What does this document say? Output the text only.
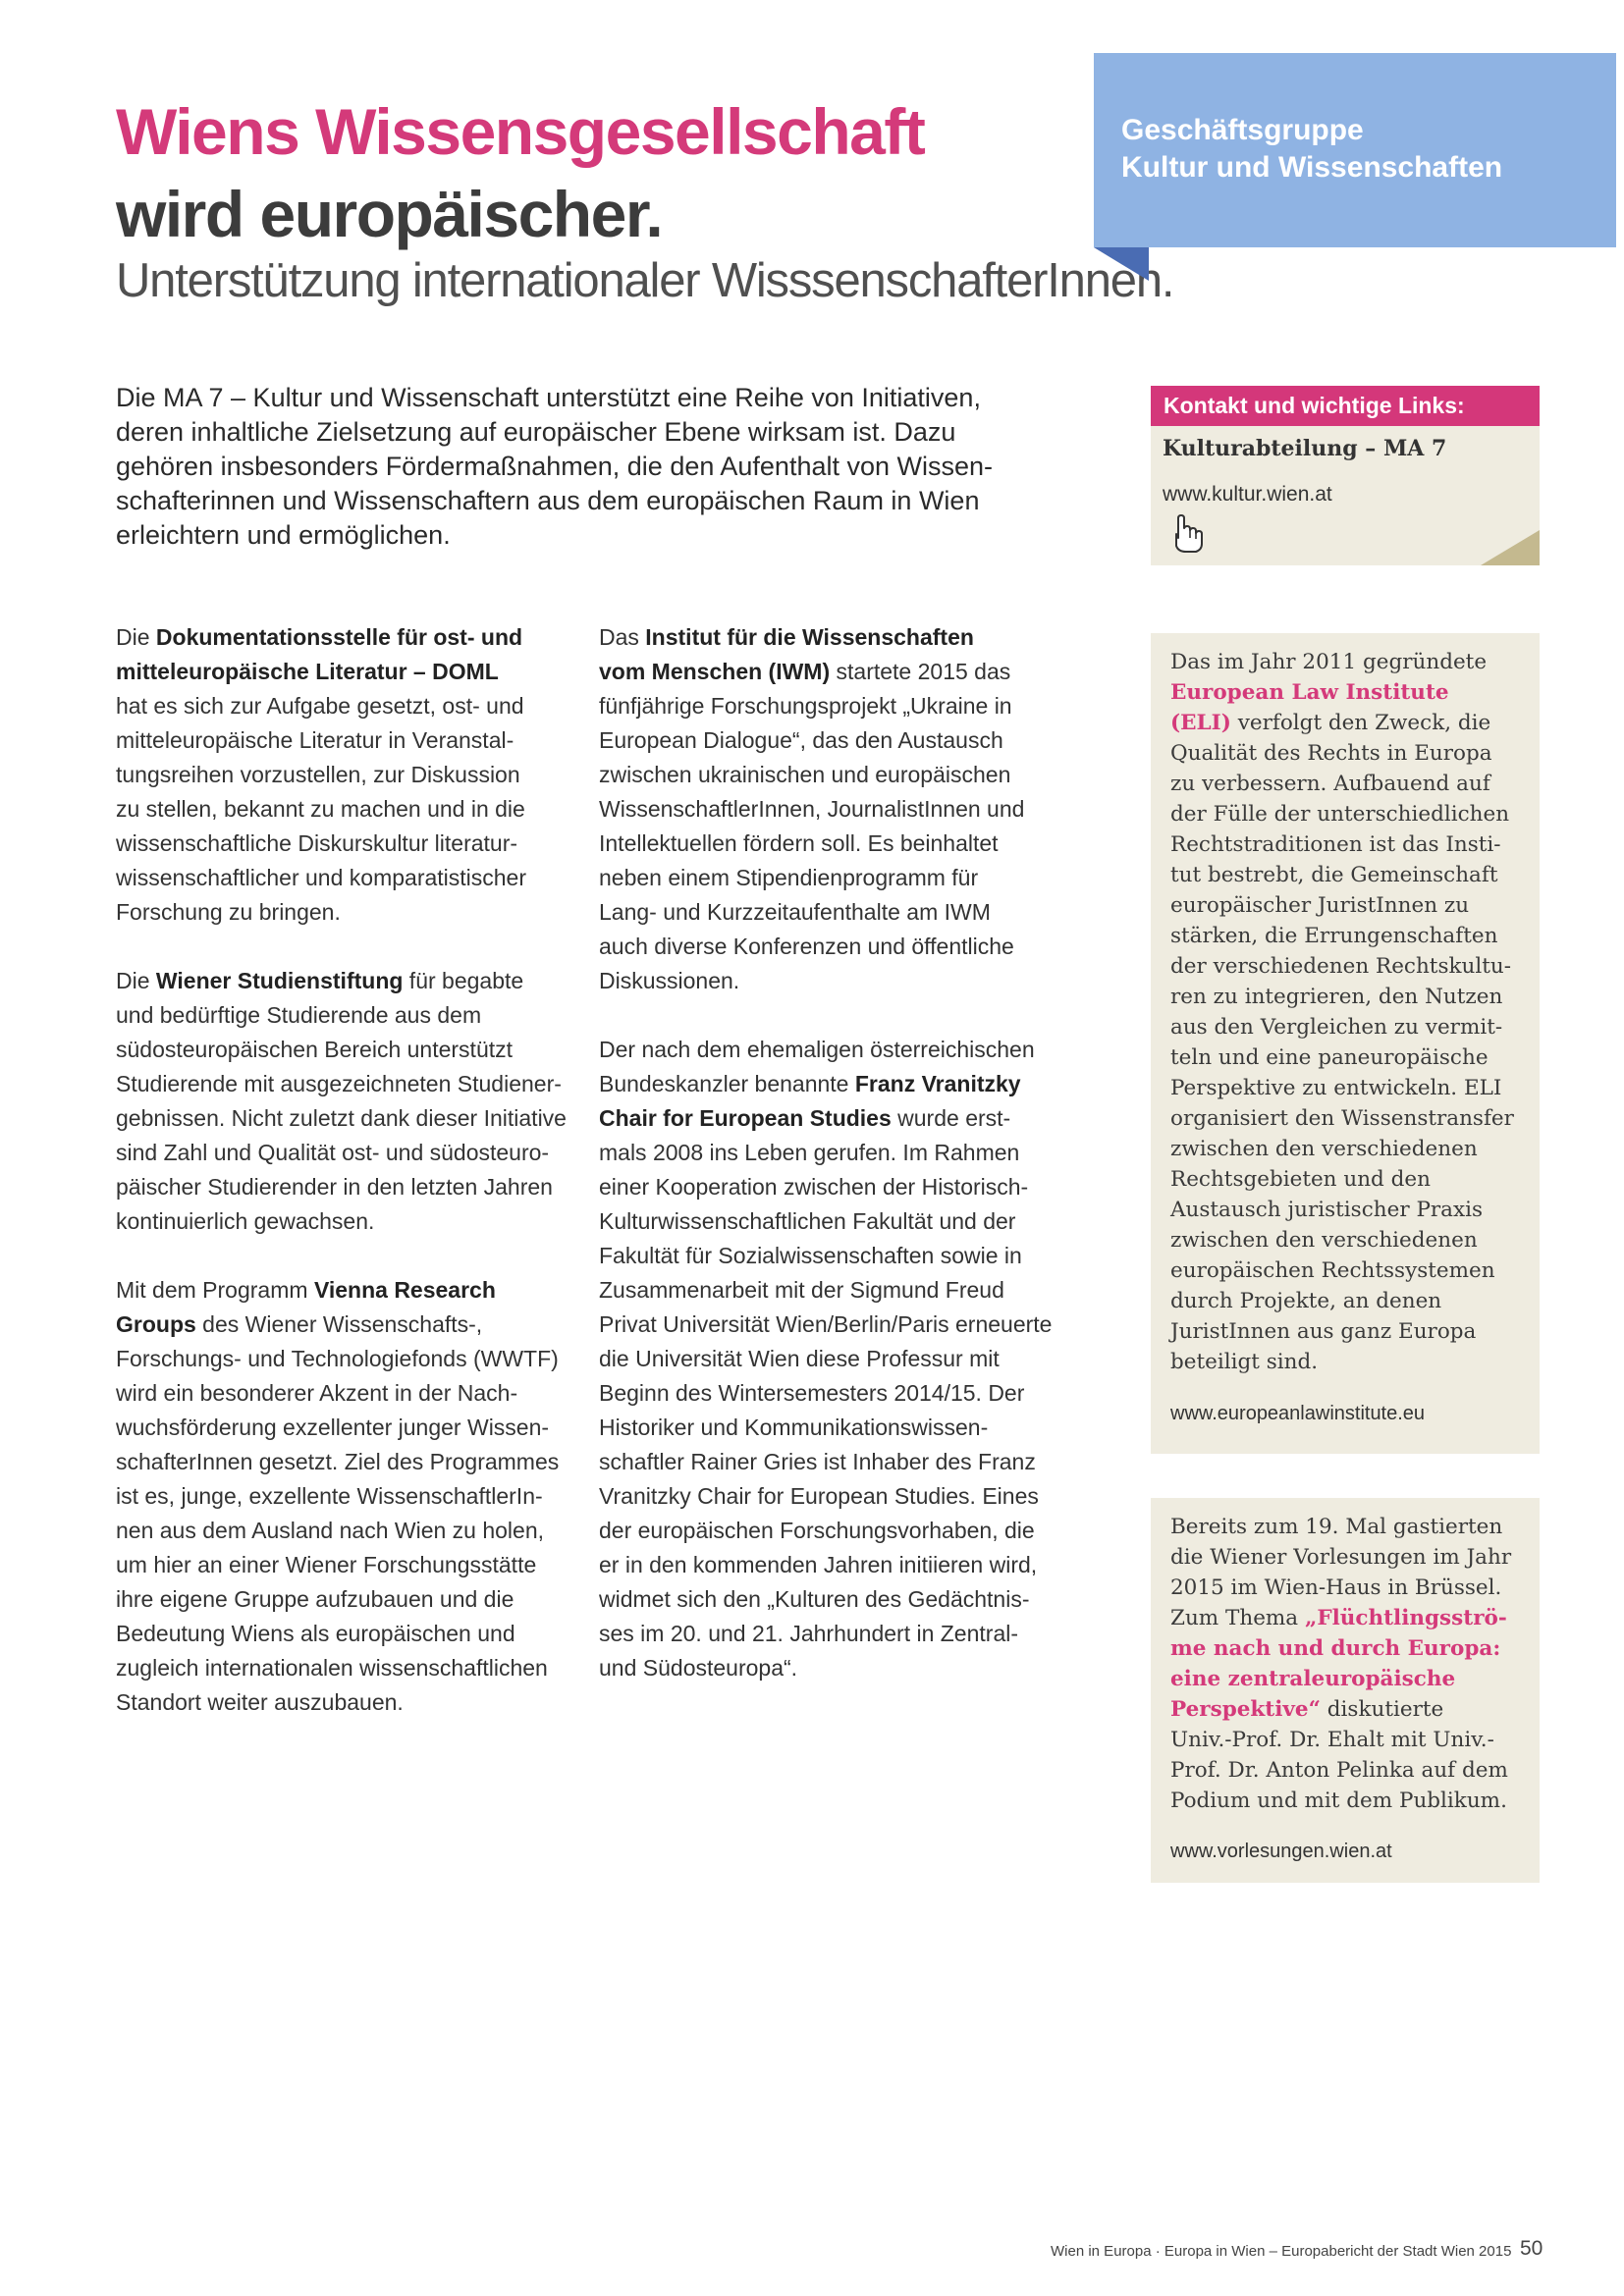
Wiens Wissensgesellschaft
wird europäischer.
Unterstützung internationaler WisssenschafterInnen.
Geschäftsgruppe
Kultur und Wissenschaften
Die MA 7 – Kultur und Wissenschaft unterstützt eine Reihe von Initiativen,
deren inhaltliche Zielsetzung auf europäischer Ebene wirksam ist. Dazu
gehören insbesonders Fördermaßnahmen, die den Aufenthalt von Wissen-
schafterinnen und Wissenschaftern aus dem europäischen Raum in Wien
erleichtern und ermöglichen.
Die Dokumentationsstelle für ost- und
mitteleuropäische Literatur – DOML
hat es sich zur Aufgabe gesetzt, ost- und
mitteleuropäische Literatur in Veranstal-
tungsreihen vorzustellen, zur Diskussion
zu stellen, bekannt zu machen und in die
wissenschaftliche Diskurskultur literatur-
wissenschaftlicher und komparatistischer
Forschung zu bringen.
Die Wiener Studienstiftung für begabte
und bedürftige Studierende aus dem
südosteuropäischen Bereich unterstützt
Studierende mit ausgezeichneten Studiener-
gebnissen. Nicht zuletzt dank dieser Initiative
sind Zahl und Qualität ost- und südosteuro-
päischer Studierender in den letzten Jahren
kontinuierlich gewachsen.
Mit dem Programm Vienna Research
Groups des Wiener Wissenschafts-,
Forschungs- und Technologiefonds (WWTF)
wird ein besonderer Akzent in der Nach-
wuchsförderung exzellenter junger Wissen-
schafterInnen gesetzt. Ziel des Programmes
ist es, junge, exzellente WissenschaftlerIn-
nen aus dem Ausland nach Wien zu holen,
um hier an einer Wiener Forschungsstätte
ihre eigene Gruppe aufzubauen und die
Bedeutung Wiens als europäischen und
zugleich internationalen wissenschaftlichen
Standort weiter auszubauen.
Das Institut für die Wissenschaften
vom Menschen (IWM) startete 2015 das
fünfjährige Forschungsprojekt „Ukraine in
European Dialogue“, das den Austausch
zwischen ukrainischen und europäischen
WissenschaftlerInnen, JournalistInnen und
Intellektuellen fördern soll. Es beinhaltet
neben einem Stipendienprogramm für
Lang- und Kurzzeitaufenthalte am IWM
auch diverse Konferenzen und öffentliche
Diskussionen.
Der nach dem ehemaligen österreichischen
Bundeskanzler benannte Franz Vranitzky
Chair for European Studies wurde erst-
mals 2008 ins Leben gerufen. Im Rahmen
einer Kooperation zwischen der Historisch-
Kulturwissenschaftlichen Fakultät und der
Fakultät für Sozialwissenschaften sowie in
Zusammenarbeit mit der Sigmund Freud
Privat Universität Wien/Berlin/Paris erneuerte
die Universität Wien diese Professur mit
Beginn des Wintersemesters 2014/15. Der
Historiker und Kommunikationswissen-
schaftler Rainer Gries ist Inhaber des Franz
Vranitzky Chair for European Studies. Eines
der europäischen Forschungsvorhaben, die
er in den kommenden Jahren initiieren wird,
widmet sich den „Kulturen des Gedächtnis-
ses im 20. und 21. Jahrhundert in Zentral-
und Südosteuropa“.
Kontakt und wichtige Links:
Kulturabteilung – MA 7
www.kultur.wien.at
Das im Jahr 2011 gegründete
European Law Institute
(ELI) verfolgt den Zweck, die
Qualität des Rechts in Europa
zu verbessern. Aufbauend auf
der Fülle der unterschiedlichen
Rechtstraditionen ist das Insti-
tut bestrebt, die Gemeinschaft
europäischer JuristInnen zu
stärken, die Errungenschaften
der verschiedenen Rechtskultu-
ren zu integrieren, den Nutzen
aus den Vergleichen zu vermit-
teln und eine paneuropäische
Perspektive zu entwickeln. ELI
organisiert den Wissenstransfer
zwischen den verschiedenen
Rechtsgebieten und den
Austausch juristischer Praxis
zwischen den verschiedenen
europäischen Rechtssystemen
durch Projekte, an denen
JuristInnen aus ganz Europa
beteiligt sind.
www.europeanlawinstitute.eu
Bereits zum 19. Mal gastierten
die Wiener Vorlesungen im Jahr
2015 im Wien-Haus in Brüssel.
Zum Thema „Flüchtlingsströ-
me nach und durch Europa:
eine zentraleuropäische
Perspektive“ diskutierte
Univ.-Prof. Dr. Ehalt mit Univ.-
Prof. Dr. Anton Pelinka auf dem
Podium und mit dem Publikum.
www.vorlesungen.wien.at
Wien in Europa · Europa in Wien – Europabericht der Stadt Wien 2015 50
